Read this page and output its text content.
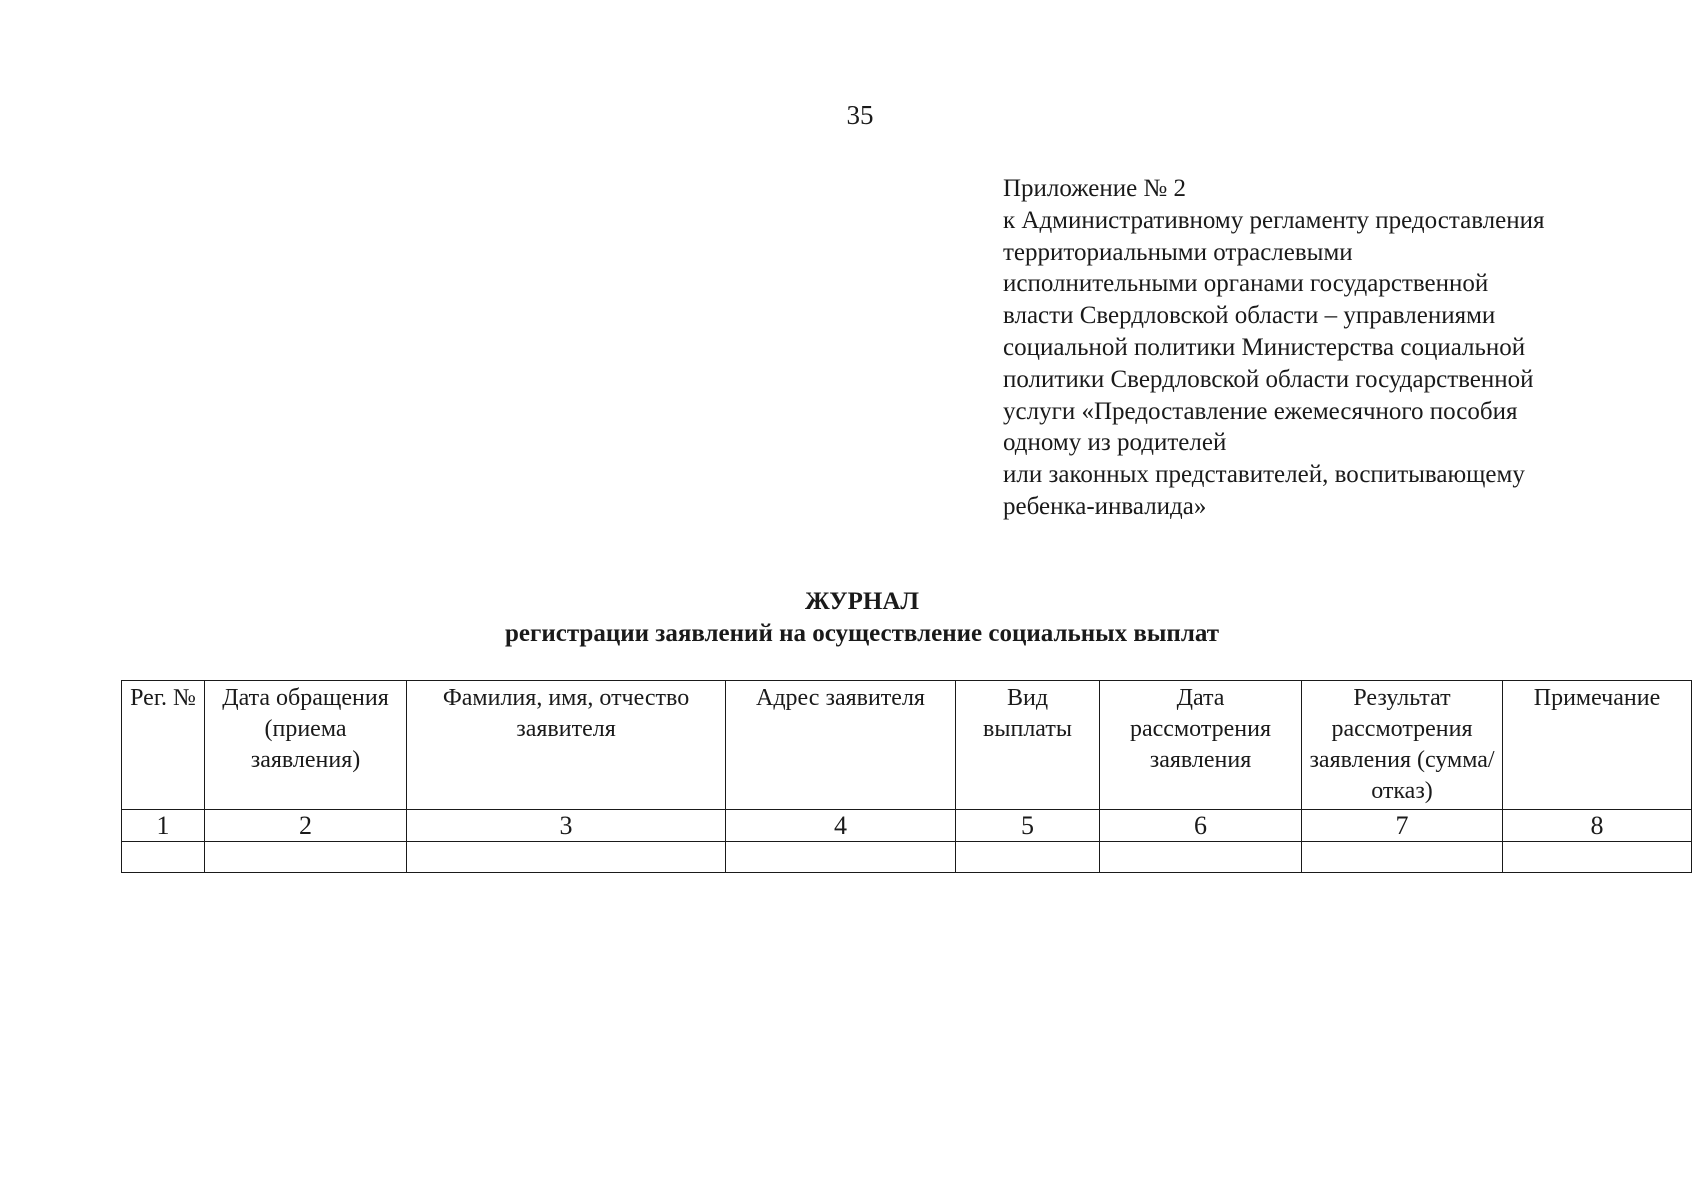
35
Приложение № 2
к Административному регламенту предоставления
территориальными отраслевыми
исполнительными органами государственной
власти Свердловской области – управлениями
социальной политики Министерства социальной
политики Свердловской области государственной
услуги «Предоставление ежемесячного пособия
одному из родителей
или законных представителей, воспитывающему
ребенка-инвалида»
ЖУРНАЛ
регистрации заявлений на осуществление социальных выплат
Рег. №	Дата обращения (приема заявления)	Фамилия, имя, отчество заявителя	Адрес заявителя	Вид выплаты	Дата рассмотрения заявления	Результат рассмотрения заявления (сумма/отказ)	Примечание
1	2	3	4	5	6	7	8
